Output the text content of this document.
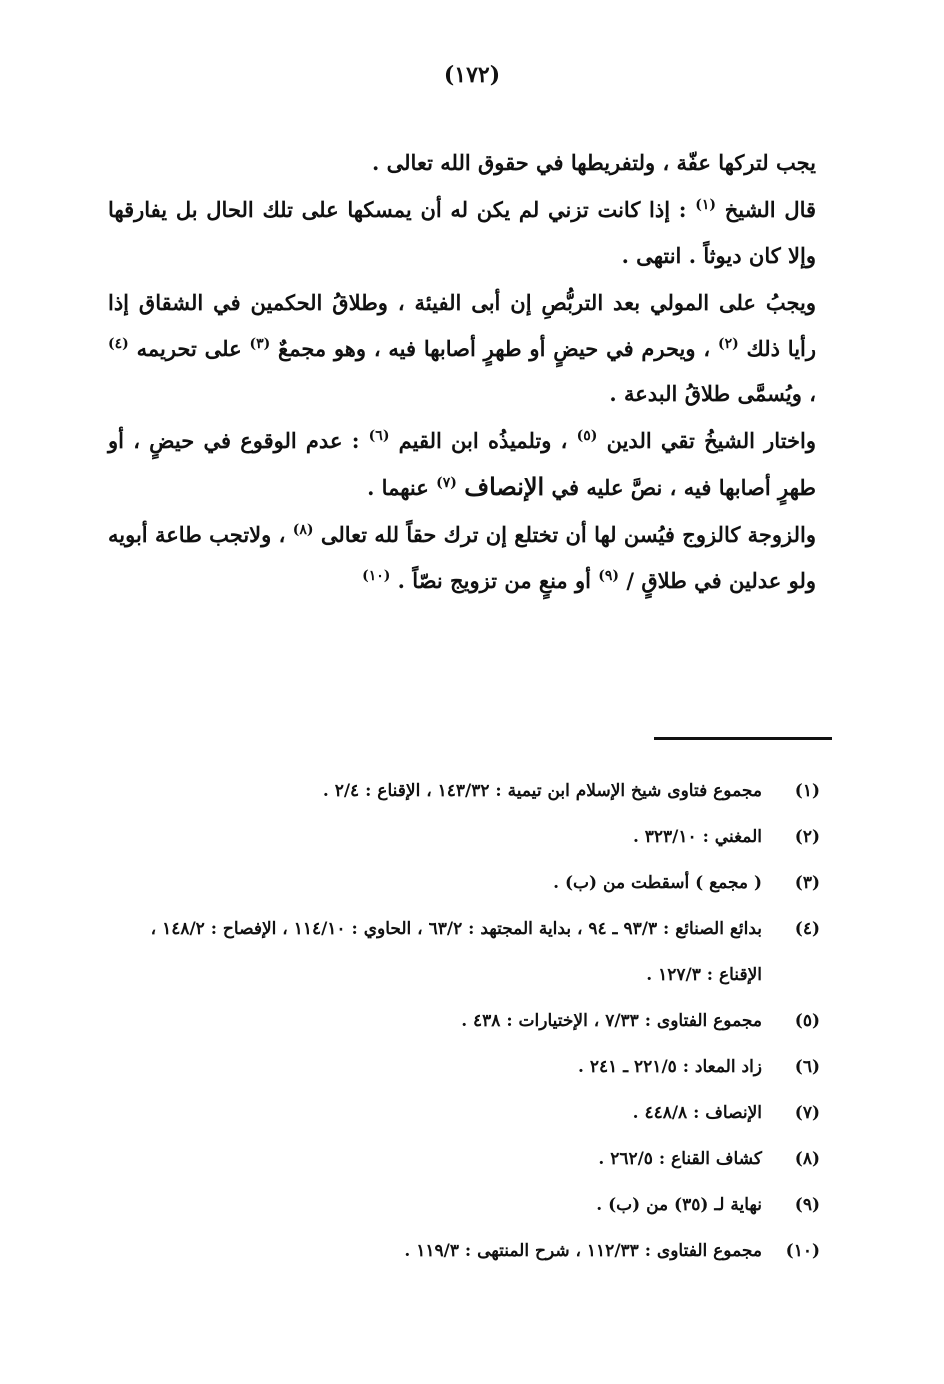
(١٧٢)

يجب لتركها عفّة ، ولتفريطها في حقوق الله تعالى .

قال الشيخ $^{(١)}$ : إذا كانت تزني لم يكن له أن يمسكها على تلك الحال بل يفارقها وإلا كان ديوثاً . انتهى .

ويجبُ على المولي بعد التربُّصِ إن أبى الفيئة ، وطلاقُ الحكمين في الشقاق إذا رأيا ذلك $^{(٢)}$ ، ويحرم في حيضٍ أو طهرٍ أصابها فيه ، وهو مجمعٌ $^{(٣)}$ على تحريمه $^{(٤)}$ ، ويُسمَّى طلاقُ البدعة .

واختار الشيخُ تقي الدين $^{(٥)}$ ، وتلميذُه ابن القيم $^{(٦)}$ : عدم الوقوع في حيضٍ ، أو طهرٍ أصابها فيه ، نصَّ عليه في الإنصاف $^{(٧)}$ عنهما .

والزوجة كالزوج فيُسن لها أن تختلع إن ترك حقاً لله تعالى $^{(٨)}$ ، ولاتجب طاعة أبويه ولو عدلين في طلاقٍ / $^{(٩)}$ أو منعٍ من تزويج نصّاً . $^{(١٠)}$

(١)
مجموع فتاوى شيخ الإسلام ابن تيمية : ١٤٣/٣٢ ، الإقناع : ٢/٤ .
(٢)
المغني : ٣٢٣/١٠ .
(٣)
( مجمع ) أسقطت من (ب) .
(٤)
بدائع الصنائع : ٩٣/٣ ـ ٩٤ ، بداية المجتهد : ٦٣/٢ ، الحاوي : ١١٤/١٠ ، الإفصاح : ١٤٨/٢ ، الإقناع : ١٢٧/٣ .
(٥)
مجموع الفتاوى : ٧/٣٣ ، الإختيارات : ٤٣٨ .
(٦)
زاد المعاد : ٢٢١/٥ ـ ٢٤١ .
(٧)
الإنصاف : ٤٤٨/٨ .
(٨)
كشاف القناع : ٢٦٢/٥ .
(٩)
نهاية لـ (٣٥) من (ب) .
(١٠)
مجموع الفتاوى : ١١٢/٣٣ ، شرح المنتهى : ١١٩/٣ .
